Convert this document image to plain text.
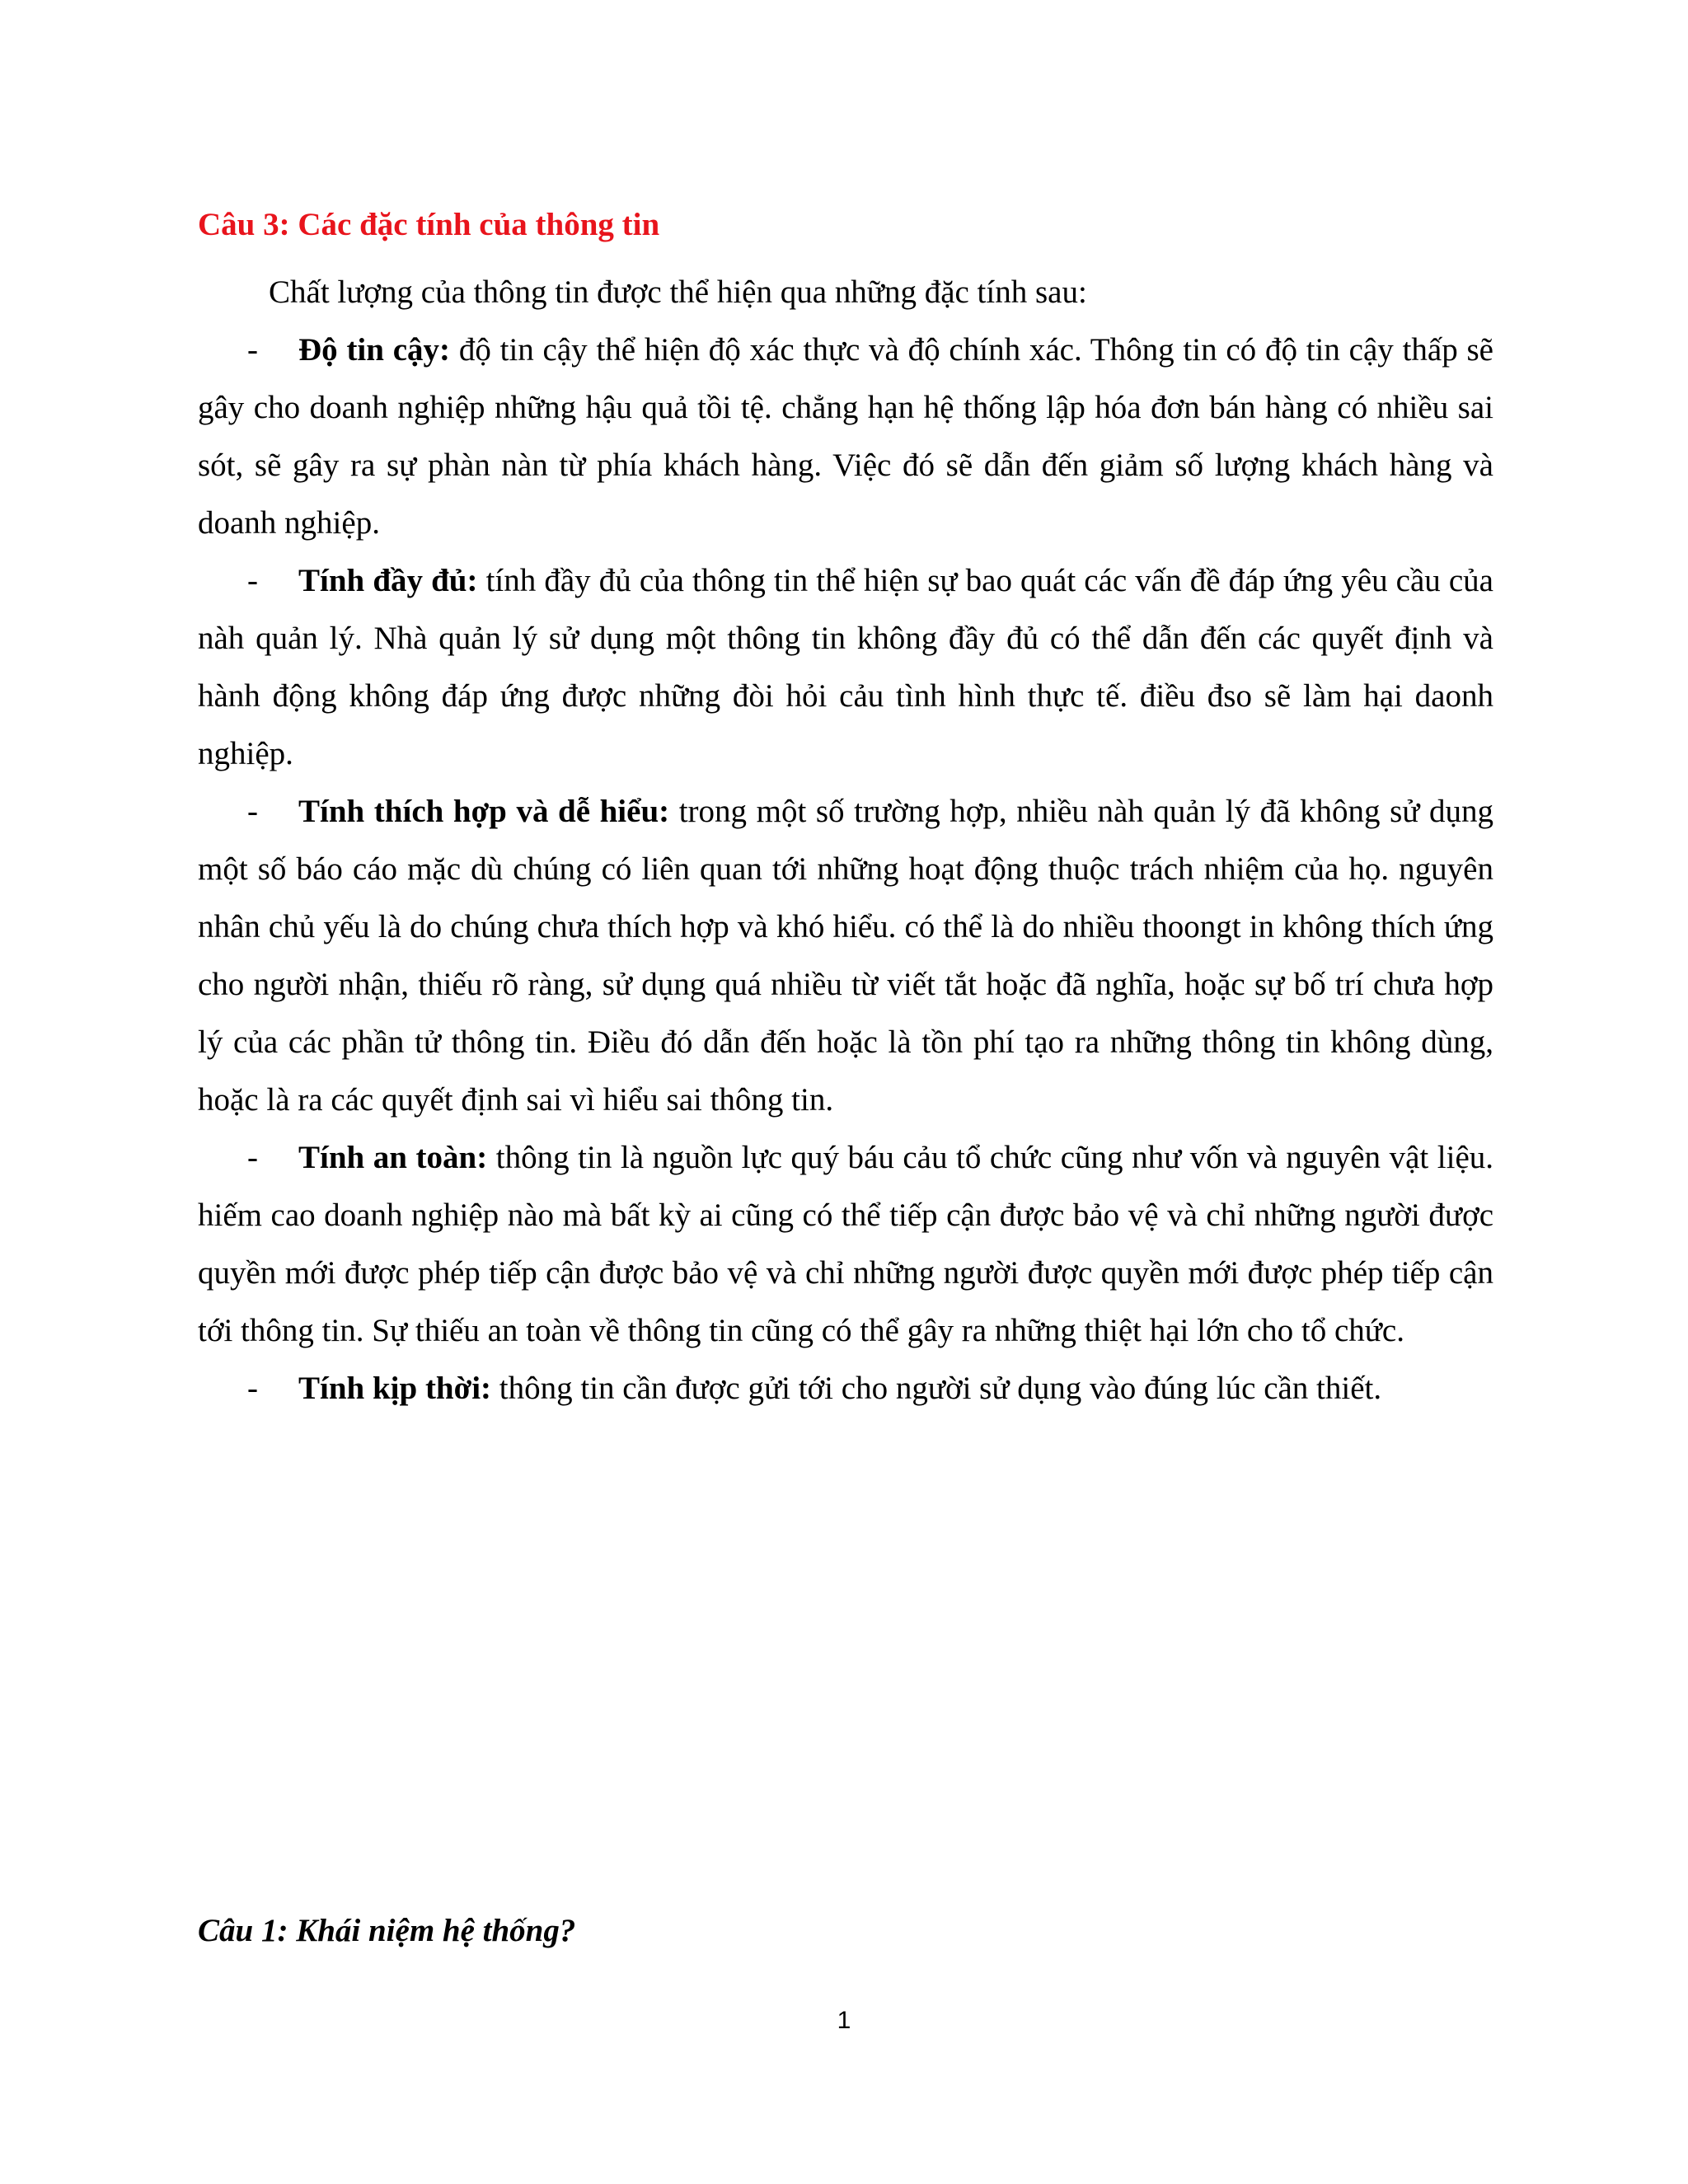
Câu 3: Các đặc tính của thông tin

Chất lượng của thông tin được thể hiện qua những đặc tính sau:

- Độ tin cậy: độ tin cậy thể hiện độ xác thực và độ chính xác. Thông tin có độ tin cậy thấp sẽ gây cho doanh nghiệp những hậu quả tồi tệ. chẳng hạn hệ thống lập hóa đơn bán hàng có nhiều sai sót, sẽ gây ra sự phàn nàn từ phía khách hàng. Việc đó sẽ dẫn đến giảm số lượng khách hàng và doanh nghiệp.

- Tính đầy đủ: tính đầy đủ của thông tin thể hiện sự bao quát các vấn đề đáp ứng yêu cầu của nàh quản lý. Nhà quản lý sử dụng một thông tin không đầy đủ có thể dẫn đến các quyết định và hành động không đáp ứng được những đòi hỏi cảu tình hình thực tế. điều đso sẽ làm hại daonh nghiệp.

- Tính thích hợp và dễ hiểu: trong một số trường hợp, nhiều nàh quản lý đã không sử dụng một số báo cáo mặc dù chúng có liên quan tới những hoạt động thuộc trách nhiệm của họ. nguyên nhân chủ yếu là do chúng chưa thích hợp và khó hiểu. có thể là do nhiều thoongt in không thích ứng cho người nhận, thiếu rõ ràng, sử dụng quá nhiều từ viết tắt hoặc đã nghĩa, hoặc sự bố trí chưa hợp lý của các phần tử thông tin. Điều đó dẫn đến hoặc là tồn phí tạo ra những thông tin không dùng, hoặc là ra các quyết định sai vì hiểu sai thông tin.

- Tính an toàn: thông tin là nguồn lực quý báu cảu tổ chức cũng như vốn và nguyên vật liệu. hiếm cao doanh nghiệp nào mà bất kỳ ai cũng có thể tiếp cận được bảo vệ và chỉ những người được quyền mới được phép tiếp cận được bảo vệ và chỉ những người được quyền mới được phép tiếp cận tới thông tin. Sự thiếu an toàn về thông tin cũng có thể gây ra những thiệt hại lớn cho tổ chức.

- Tính kịp thời: thông tin cần được gửi tới cho người sử dụng vào đúng lúc cần thiết.

Câu 1: Khái niệm hệ thống?
1
